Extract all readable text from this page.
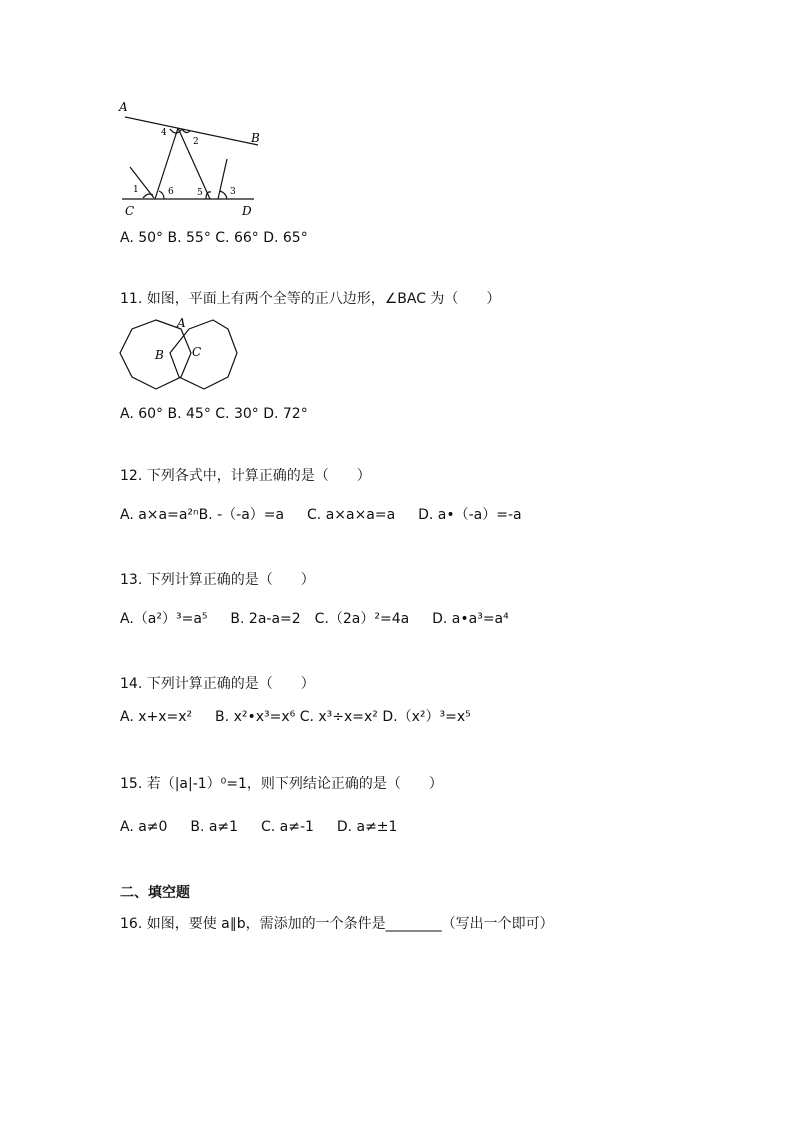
A
B
C	D
4
2
1	6	5	3
A. 50° B. 55° C. 66° D. 65°
11. 如图，平面上有两个全等的正八边形，∠BAC 为（　　）
A
B C
A. 60° B. 45° C. 30° D. 72°
12. 下列各式中，计算正确的是（　　）
A. a×a=a²ⁿB. -（-a）=a 　 C. a×a×a=a 　 D. a•（-a）=-a
13. 下列计算正确的是（　　）
A.（a²）³=a⁵ 　 B. 2a-a=2　C.（2a）²=4a 　 D. a•a³=a⁴
14. 下列计算正确的是（　　）
A. x+x=x² 　 B. x²•x³=x⁶ C. x³÷x=x² D.（x²）³=x⁵
15. 若（|a|-1）⁰=1，则下列结论正确的是（　　）
A. a≠0 　 B. a≠1 　 C. a≠-1 　 D. a≠±1
二、填空题
16. 如图，要使 a∥b，需添加的一个条件是________（写出一个即可）
